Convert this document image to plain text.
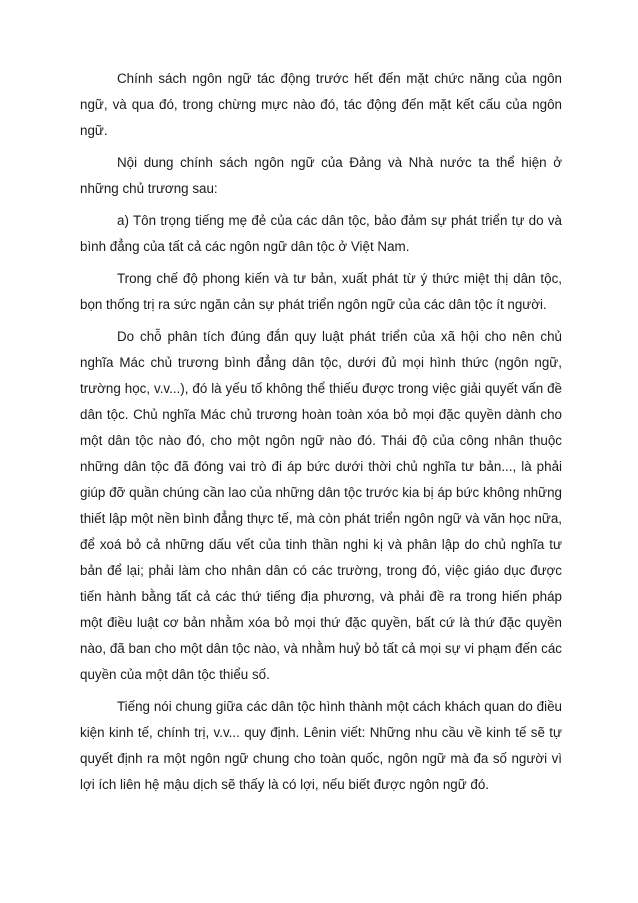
Chính sách ngôn ngữ tác động trước hết đến mặt chức năng của ngôn ngữ, và qua đó, trong chừng mực nào đó, tác động đến mặt kết cấu của ngôn ngữ.

Nội dung chính sách ngôn ngữ của Đảng và Nhà nước ta thể hiện ở những chủ trương sau:

a) Tôn trọng tiếng mẹ đẻ của các dân tộc, bảo đảm sự phát triển tự do và bình đẳng của tất cả các ngôn ngữ dân tộc ở Việt Nam.

Trong chế độ phong kiến và tư bản, xuất phát từ ý thức miệt thị dân tộc, bọn thống trị ra sức ngăn cản sự phát triển ngôn ngữ của các dân tộc ít người.

Do chỗ phân tích đúng đắn quy luật phát triển của xã hội cho nên chủ nghĩa Mác chủ trương bình đẳng dân tộc, dưới đủ mọi hình thức (ngôn ngữ, trường học, v.v...), đó là yếu tố không thể thiếu được trong việc giải quyết vấn đề dân tộc. Chủ nghĩa Mác chủ trương hoàn toàn xóa bỏ mọi đặc quyền dành cho một dân tộc nào đó, cho một ngôn ngữ nào đó. Thái độ của công nhân thuộc những dân tộc đã đóng vai trò đi áp bức dưới thời chủ nghĩa tư bản..., là phải giúp đỡ quần chúng cần lao của những dân tộc trước kia bị áp bức không những thiết lập một nền bình đẳng thực tế, mà còn phát triển ngôn ngữ và văn học nữa, để xoá bỏ cả những dấu vết của tinh thần nghi kị và phân lập do chủ nghĩa tư bản để lại; phải làm cho nhân dân có các trường, trong đó, việc giáo dục được tiến hành bằng tất cả các thứ tiếng địa phương, và phải đề ra trong hiến pháp một điều luật cơ bản nhằm xóa bỏ mọi thứ đặc quyền, bất cứ là thứ đặc quyền nào, đã ban cho một dân tộc nào, và nhằm huỷ bỏ tất cả mọi sự vi phạm đến các quyền của một dân tộc thiểu số.

Tiếng nói chung giữa các dân tộc hình thành một cách khách quan do điều kiện kinh tế, chính trị, v.v... quy định. Lênin viết: Những nhu cầu về kinh tế sẽ tự quyết định ra một ngôn ngữ chung cho toàn quốc, ngôn ngữ mà đa số người vì lợi ích liên hệ mậu dịch sẽ thấy là có lợi, nếu biết được ngôn ngữ đó.
